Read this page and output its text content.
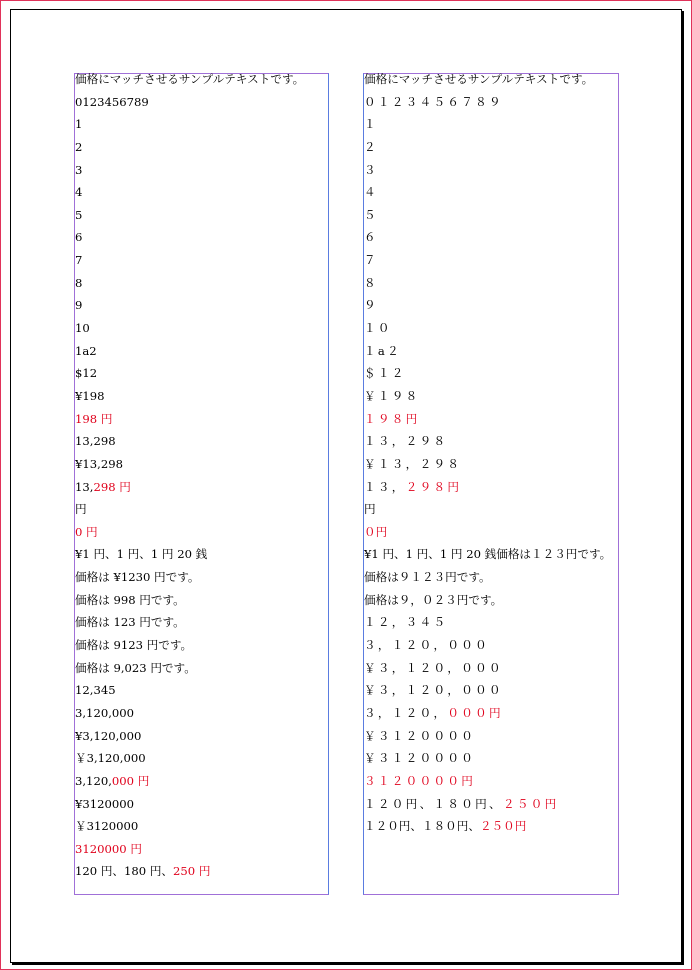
価格にマッチさせるサンプルテキストです。
0123456789
1
2
3
4
5
6
7
8
9
10
1a2
$12
¥198
198 円
13,298
¥13,298
13,298 円
円
0 円
¥1 円、1 円、1 円 20 銭
価格は ¥1230 円です。
価格は 998 円です。
価格は 123 円です。
価格は 9123 円です。
価格は 9,023 円です。
12,345
3,120,000
¥3,120,000
￥3,120,000
3,120,000 円
¥3120000
￥3120000
3120000 円
120 円、180 円、250 円
価格にマッチさせるサンプルテキストです。
０１２３４５６７８９
１
２
３
４
５
６
７
８
９
１０
１a２
＄１２
￥１９８
１９８円
１３，２９８
￥１３，２９８
１３，２９８円
円
０円
¥1 円、1 円、1 円 20 銭価格は１２３円です。
価格は９１２３円です。
価格は９，０２３円です。
１２，３４５
３，１２０，０００
￥３，１２０，０００
￥３，１２０，０００
３，１２０，０００円
￥３１２００００
￥３１２００００
３１２００００円
１２０円、１８０円、２５０円
１２０円、１８０円、２５０円
